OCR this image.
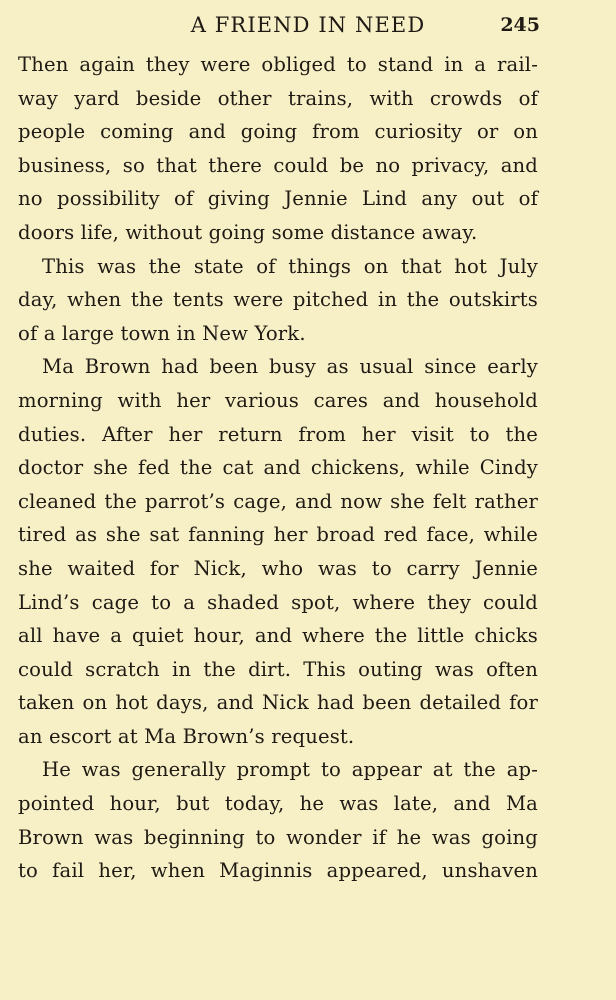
A FRIEND IN NEED	245
Then again they were obliged to stand in a rail-
way yard beside other trains, with crowds of
people coming and going from curiosity or on
business, so that there could be no privacy, and
no possibility of giving Jennie Lind any out of
doors life, without going some distance away.
This was the state of things on that hot July
day, when the tents were pitched in the outskirts
of a large town in New York.
Ma Brown had been busy as usual since early
morning with her various cares and household
duties. After her return from her visit to the
doctor she fed the cat and chickens, while Cindy
cleaned the parrot’s cage, and now she felt rather
tired as she sat fanning her broad red face, while
she waited for Nick, who was to carry Jennie
Lind’s cage to a shaded spot, where they could
all have a quiet hour, and where the little chicks
could scratch in the dirt. This outing was often
taken on hot days, and Nick had been detailed for
an escort at Ma Brown’s request.
He was generally prompt to appear at the ap-
pointed hour, but today, he was late, and Ma
Brown was beginning to wonder if he was going
to fail her, when Maginnis appeared, unshaven
